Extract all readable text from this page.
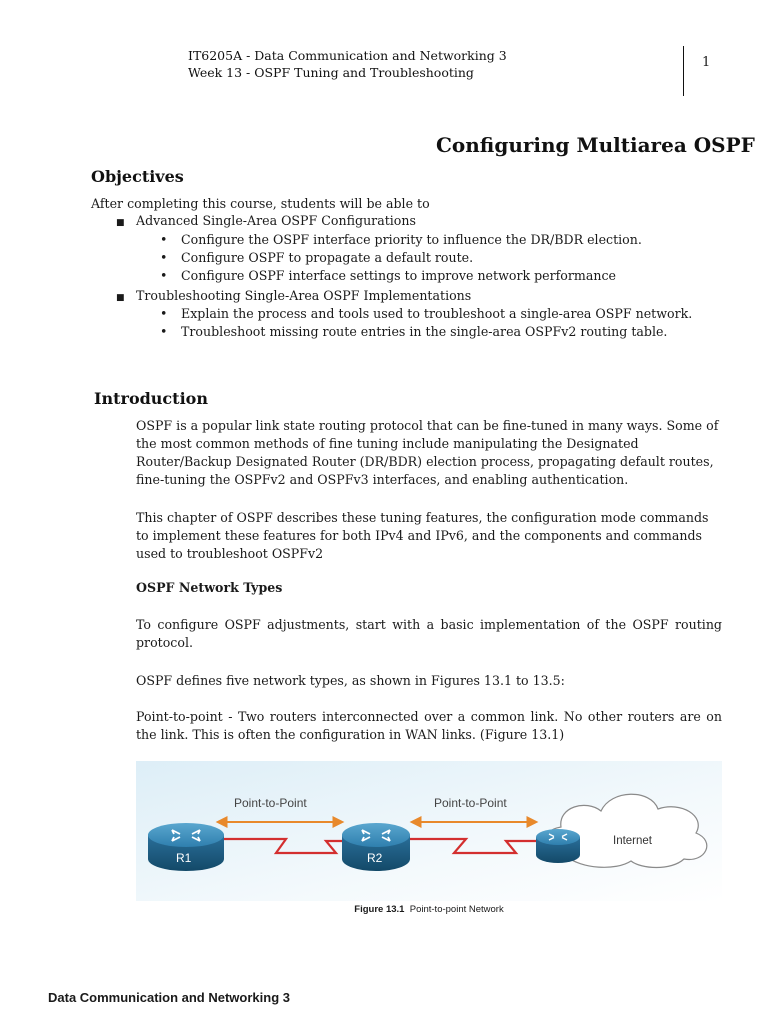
IT6205A - Data Communication and Networking 3
Week 13 - OSPF Tuning and Troubleshooting
1
Configuring Multiarea OSPF
Objectives
After completing this course, students will be able to
■ Advanced Single-Area OSPF Configurations
• Configure the OSPF interface priority to influence the DR/BDR election.
• Configure OSPF to propagate a default route.
• Configure OSPF interface settings to improve network performance
■ Troubleshooting Single-Area OSPF Implementations
• Explain the process and tools used to troubleshoot a single-area OSPF network.
• Troubleshoot missing route entries in the single-area OSPFv2 routing table.
Introduction
OSPF is a popular link state routing protocol that can be fine-tuned in many ways. Some of the most common methods of fine tuning include manipulating the Designated Router/Backup Designated Router (DR/BDR) election process, propagating default routes, fine-tuning the OSPFv2 and OSPFv3 interfaces, and enabling authentication.
This chapter of OSPF describes these tuning features, the configuration mode commands to implement these features for both IPv4 and IPv6, and the components and commands used to troubleshoot OSPFv2
OSPF Network Types
To configure OSPF adjustments, start with a basic implementation of the OSPF routing protocol.
OSPF defines five network types, as shown in Figures 13.1 to 13.5:
Point-to-point - Two routers interconnected over a common link. No other routers are on the link. This is often the configuration in WAN links. (Figure 13.1)
Internet
Point-to-Point	Point-to-Point
R1	R2
Figure 13.1 Point-to-point Network
Data Communication and Networking 3
